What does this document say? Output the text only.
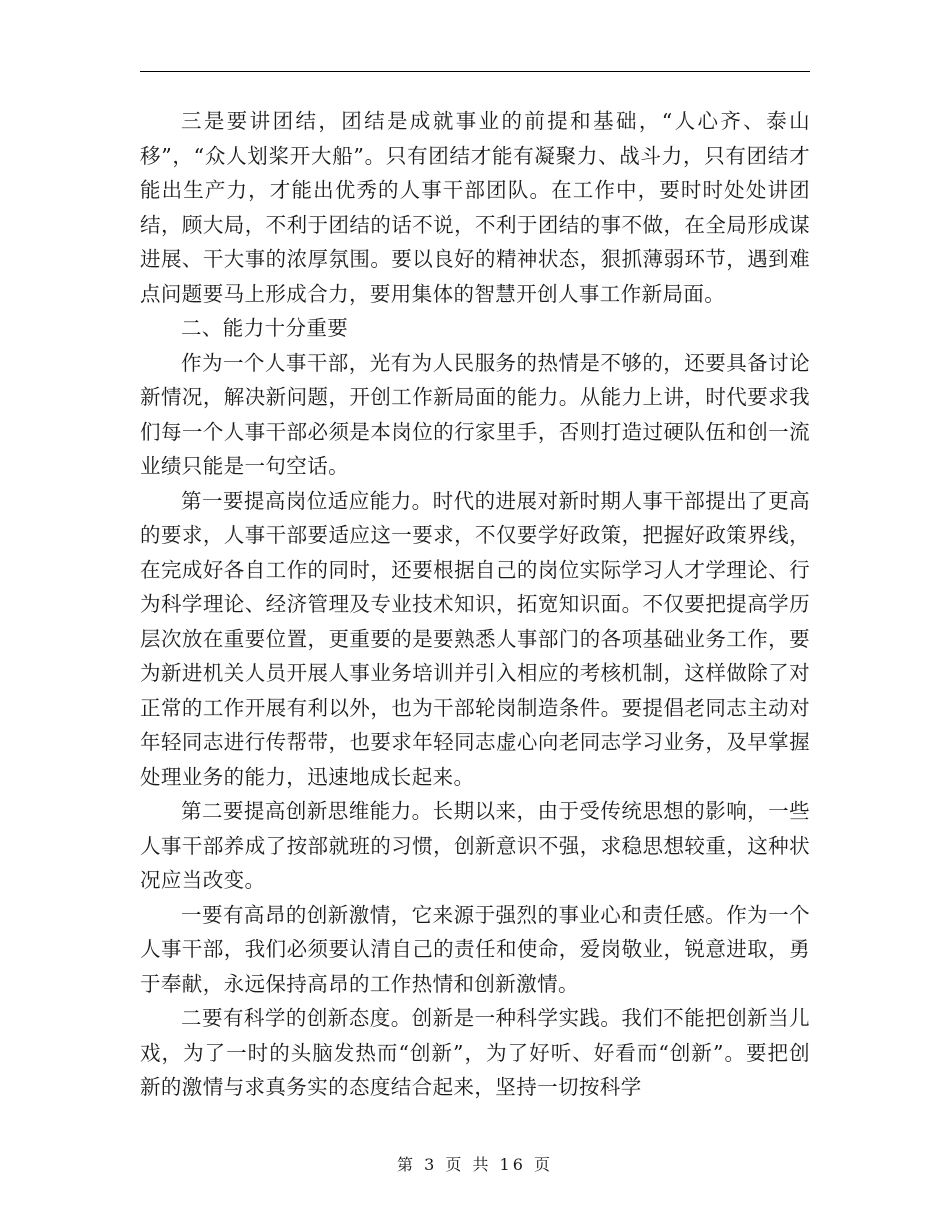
三是要讲团结，团结是成就事业的前提和基础，“人心齐、泰山移”，“众人划桨开大船”。只有团结才能有凝聚力、战斗力，只有团结才能出生产力，才能出优秀的人事干部团队。在工作中，要时时处处讲团结，顾大局，不利于团结的话不说，不利于团结的事不做，在全局形成谋进展、干大事的浓厚氛围。要以良好的精神状态，狠抓薄弱环节，遇到难点问题要马上形成合力，要用集体的智慧开创人事工作新局面。

二、能力十分重要

作为一个人事干部，光有为人民服务的热情是不够的，还要具备讨论新情况，解决新问题，开创工作新局面的能力。从能力上讲，时代要求我们每一个人事干部必须是本岗位的行家里手，否则打造过硬队伍和创一流业绩只能是一句空话。

第一要提高岗位适应能力。时代的进展对新时期人事干部提出了更高的要求，人事干部要适应这一要求，不仅要学好政策，把握好政策界线，在完成好各自工作的同时，还要根据自己的岗位实际学习人才学理论、行为科学理论、经济管理及专业技术知识，拓宽知识面。不仅要把提高学历层次放在重要位置，更重要的是要熟悉人事部门的各项基础业务工作，要为新进机关人员开展人事业务培训并引入相应的考核机制，这样做除了对正常的工作开展有利以外，也为干部轮岗制造条件。要提倡老同志主动对年轻同志进行传帮带，也要求年轻同志虚心向老同志学习业务，及早掌握处理业务的能力，迅速地成长起来。

第二要提高创新思维能力。长期以来，由于受传统思想的影响，一些人事干部养成了按部就班的习惯，创新意识不强，求稳思想较重，这种状况应当改变。

一要有高昂的创新激情，它来源于强烈的事业心和责任感。作为一个人事干部，我们必须要认清自己的责任和使命，爱岗敬业，锐意进取，勇于奉献，永远保持高昂的工作热情和创新激情。

二要有科学的创新态度。创新是一种科学实践。我们不能把创新当儿戏，为了一时的头脑发热而“创新”，为了好听、好看而“创新”。要把创新的激情与求真务实的态度结合起来，坚持一切按科学

第 3 页 共 16 页
